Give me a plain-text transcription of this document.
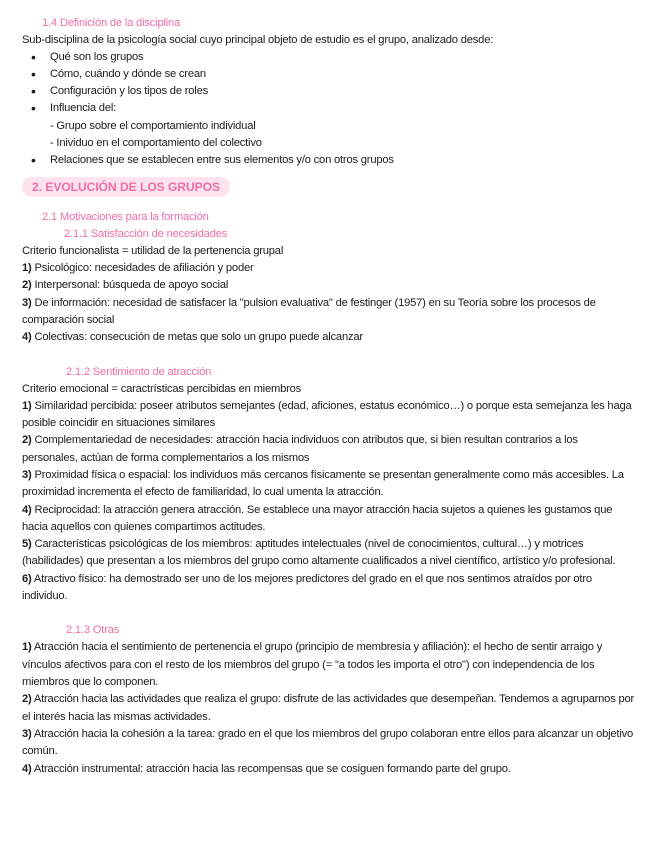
1.4 Definición de la disciplina
Sub-disciplina de la psicología social cuyo principal objeto de estudio es el grupo, analizado desde:
• Qué son los grupos
• Cómo, cuándo y dónde se crean
• Configuración y los tipos de roles
• Influencia del:
- Grupo sobre el comportamiento individual
- Inividuo en el comportamiento del colectivo
• Relaciones que se establecen entre sus elementos y/o con otros grupos
2. EVOLUCIÓN DE LOS GRUPOS
2.1 Motivaciones para la formación
2.1.1 Satisfacción de necesidades
Criterio funcionalista = utilidad de la pertenencia grupal
1) Psicológico: necesidades de afiliación y poder
2) Interpersonal: búsqueda de apoyo social
3) De información: necesidad de satisfacer la "pulsion evaluativa" de festinger (1957) en su Teoría sobre los procesos de comparación social
4) Colectivas: consecución de metas que solo un grupo puede alcanzar
2.1.2 Sentimiento de atracción
Criterio emocional = caractrísticas percibidas en miembros
1) Similaridad percibida: poseer atributos semejantes (edad, aficiones, estatus económico…) o porque esta semejanza les haga posible coincidir en situaciones similares
2) Complementariedad de necesidades: atracción hacia individuos con atributos que, si bien resultan contrarios a los personales, actúan de forma complementarios a los mismos
3) Proximidad física o espacial: los individuos más cercanos físicamente se presentan generalmente como más accesibles. La proximidad incrementa el efecto de familiaridad, lo cual umenta la atracción.
4) Reciprocidad: la atracción genera atracción. Se establece una mayor atracción hacia sujetos a quienes les gustamos que hacia aquellos con quienes compartimos actitudes.
5) Características psicológicas de los miembros: aptitudes intelectuales (nivel de conocimientos, cultural…) y motrices (habilidades) que presentan a los miembros del grupo como altamente cualificados a nivel científico, artístico y/o profesional.
6) Atractivo físico: ha demostrado ser uno de los mejores predictores del grado en el que nos sentimos atraídos por otro individuo.
2.1.3 Otras
1) Atracción hacia el sentimiento de pertenencia el grupo (principio de membresía y afiliación): el hecho de sentir arraigo y vínculos afectivos para con el resto de los miembros del grupo (= "a todos les importa el otro") con independencia de los miembros que lo componen.
2) Atracción hacia las actividades que realiza el grupo: disfrute de las actividades que desempeñan. Tendemos a agruparnos por el interés hacia las mismas actividades.
3) Atracción hacia la cohesión a la tarea: grado en el que los miembros del grupo colaboran entre ellos para alcanzar un objetivo común.
4) Atracción instrumental: atracción hacia las recompensas que se cosiguen formando parte del grupo.
